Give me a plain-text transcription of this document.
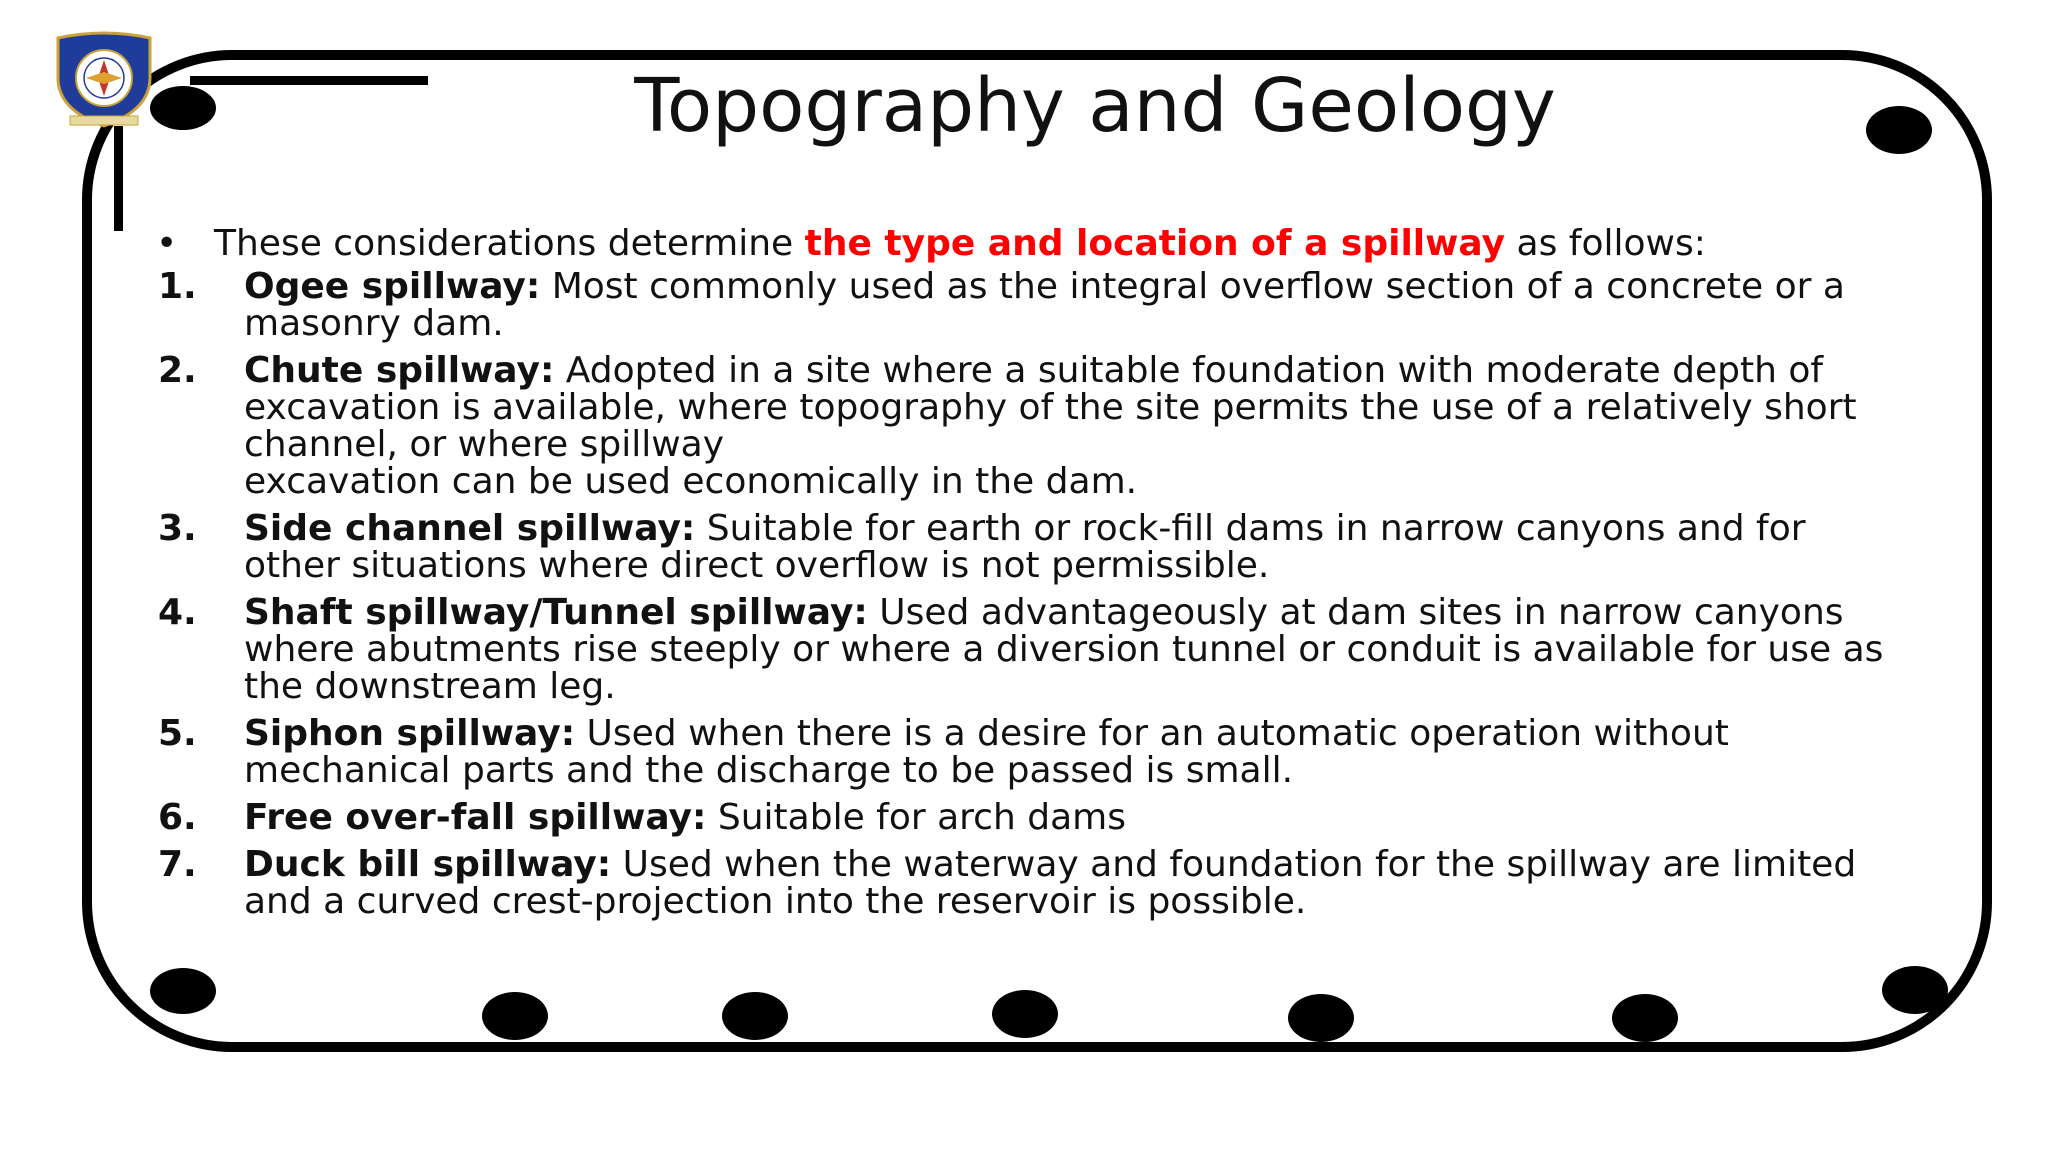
Topography and Geology
•	These considerations determine the type and location of a spillway as follows:
1.	Ogee spillway: Most commonly used as the integral overflow section of a concrete or a masonry dam.
2.	Chute spillway: Adopted in a site where a suitable foundation with moderate depth of excavation is available, where topography of the site permits the use of a relatively short channel, or where spillway
excavation can be used economically in the dam.
3.	Side channel spillway: Suitable for earth or rock-fill dams in narrow canyons and for other situations where direct overflow is not permissible.
4.	Shaft spillway/Tunnel spillway: Used advantageously at dam sites in narrow canyons where abutments rise steeply or where a diversion tunnel or conduit is available for use as the downstream leg.
5.	Siphon spillway: Used when there is a desire for an automatic operation without mechanical parts and the discharge to be passed is small.
6.	Free over-fall spillway: Suitable for arch dams
7.	Duck bill spillway: Used when the waterway and foundation for the spillway are limited and a curved crest-projection into the reservoir is possible.
